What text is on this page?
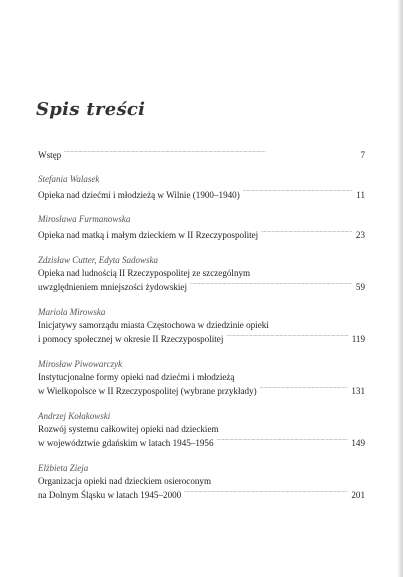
Spis treści
Wstęp . . .	7

Stefania Walasek

Opieka nad dziećmi i młodzieżą w Wilnie (1900–1940) . . .	11

Mirosława Furmanowska

Opieka nad matką i małym dzieckiem w II Rzeczypospolitej . . .	23

Zdzisław Cutter, Edyta Sadowska

Opieka nad ludnością II Rzeczypospolitej ze szczególnym

uwzględnieniem mniejszości żydowskiej . . .	59

Mariola Mirowska

Inicjatywy samorządu miasta Częstochowa w dziedzinie opieki

i pomocy społecznej w okresie II Rzeczypospolitej . . .	119

Mirosław Piwowarczyk

Instytucjonalne formy opieki nad dziećmi i młodzieżą

w Wielkopolsce w II Rzeczypospolitej (wybrane przykłady) . . .	131

Andrzej Kołakowski

Rozwój systemu całkowitej opieki nad dzieckiem

w województwie gdańskim w latach 1945–1956 . . .	149

Elżbieta Zieja

Organizacja opieki nad dzieckiem osieroconym

na Dolnym Śląsku w latach 1945–2000 . . .	201
